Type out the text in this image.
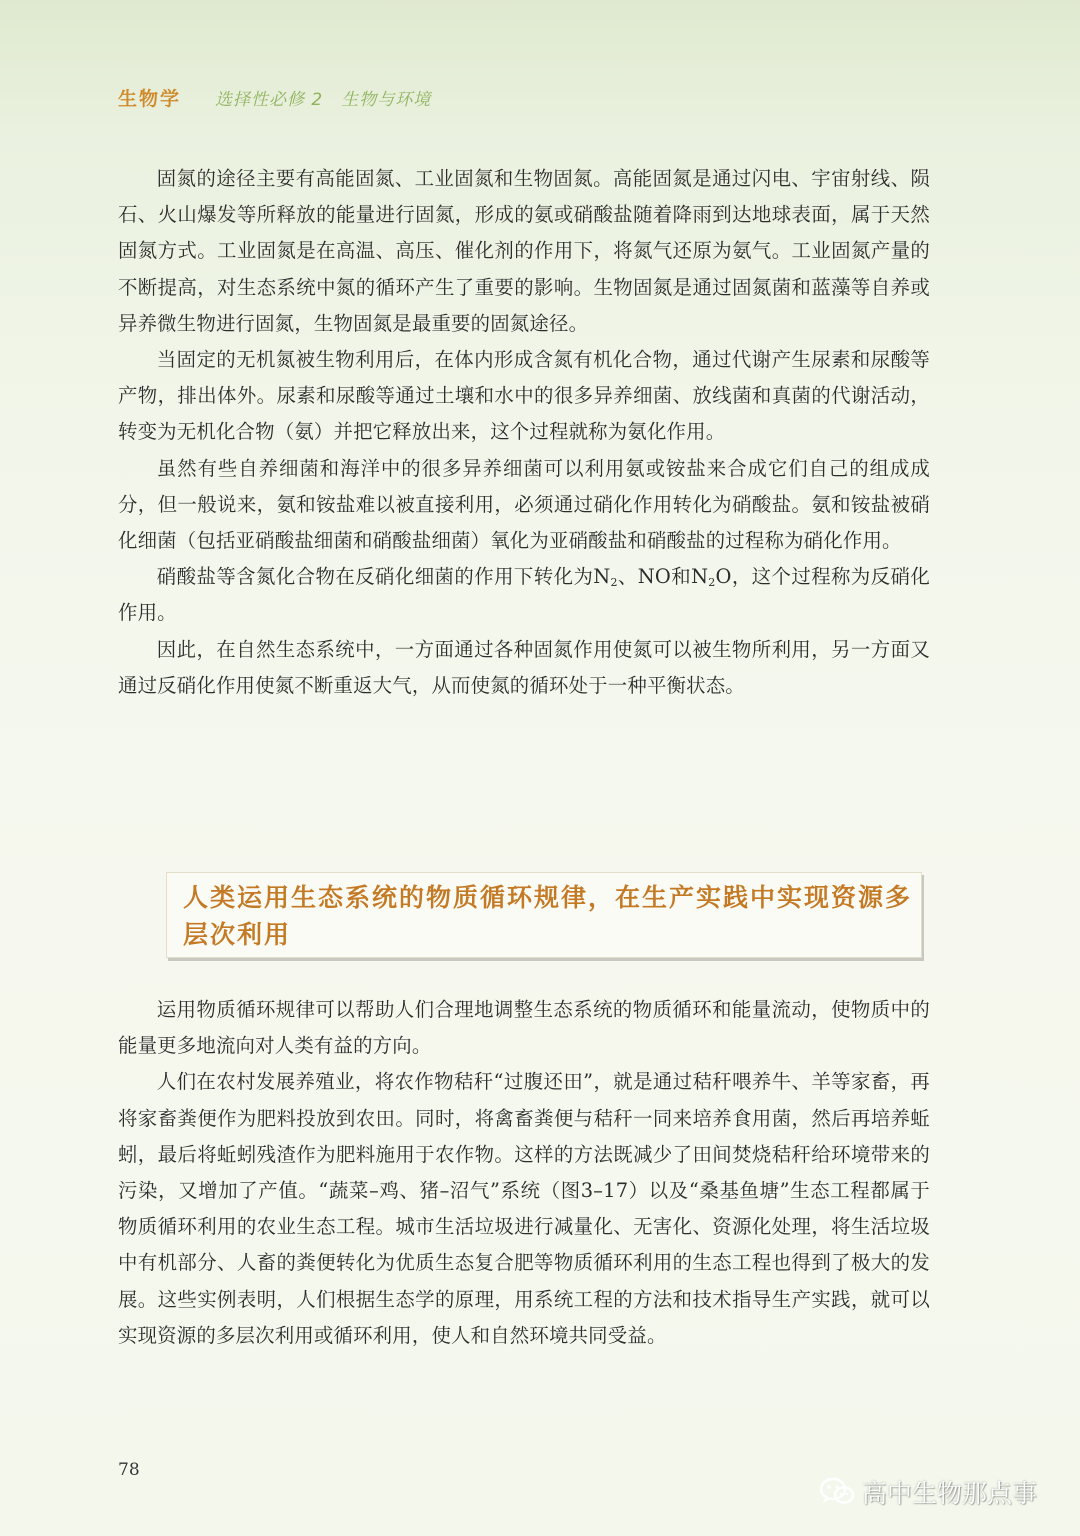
生物学 选择性必修 2　生物与环境

固氮的途径主要有高能固氮、工业固氮和生物固氮。高能固氮是通过闪电、宇宙射线、陨石、火山爆发等所释放的能量进行固氮，形成的氨或硝酸盐随着降雨到达地球表面，属于天然固氮方式。工业固氮是在高温、高压、催化剂的作用下，将氮气还原为氨气。工业固氮产量的不断提高，对生态系统中氮的循环产生了重要的影响。生物固氮是通过固氮菌和蓝藻等自养或异养微生物进行固氮，生物固氮是最重要的固氮途径。

当固定的无机氮被生物利用后，在体内形成含氮有机化合物，通过代谢产生尿素和尿酸等产物，排出体外。尿素和尿酸等通过土壤和水中的很多异养细菌、放线菌和真菌的代谢活动，转变为无机化合物（氨）并把它释放出来，这个过程就称为氨化作用。

虽然有些自养细菌和海洋中的很多异养细菌可以利用氨或铵盐来合成它们自己的组成成分，但一般说来，氨和铵盐难以被直接利用，必须通过硝化作用转化为硝酸盐。氨和铵盐被硝化细菌（包括亚硝酸盐细菌和硝酸盐细菌）氧化为亚硝酸盐和硝酸盐的过程称为硝化作用。

硝酸盐等含氮化合物在反硝化细菌的作用下转化为$N_2$、NO和$N_2O$，这个过程称为反硝化作用。

因此，在自然生态系统中，一方面通过各种固氮作用使氮可以被生物所利用，另一方面又通过反硝化作用使氮不断重返大气，从而使氮的循环处于一种平衡状态。

人类运用生态系统的物质循环规律，在生产实践中实现资源多层次利用

运用物质循环规律可以帮助人们合理地调整生态系统的物质循环和能量流动，使物质中的能量更多地流向对人类有益的方向。

人们在农村发展养殖业，将农作物秸秆“过腹还田”，就是通过秸秆喂养牛、羊等家畜，再将家畜粪便作为肥料投放到农田。同时，将禽畜粪便与秸秆一同来培养食用菌，然后再培养蚯蚓，最后将蚯蚓残渣作为肥料施用于农作物。这样的方法既减少了田间焚烧秸秆给环境带来的污染，又增加了产值。“蔬菜–鸡、猪–沼气”系统（图3–17）以及“桑基鱼塘”生态工程都属于物质循环利用的农业生态工程。城市生活垃圾进行减量化、无害化、资源化处理，将生活垃圾中有机部分、人畜的粪便转化为优质生态复合肥等物质循环利用的生态工程也得到了极大的发展。这些实例表明，人们根据生态学的原理，用系统工程的方法和技术指导生产实践，就可以实现资源的多层次利用或循环利用，使人和自然环境共同受益。

78
高中生物那点事
